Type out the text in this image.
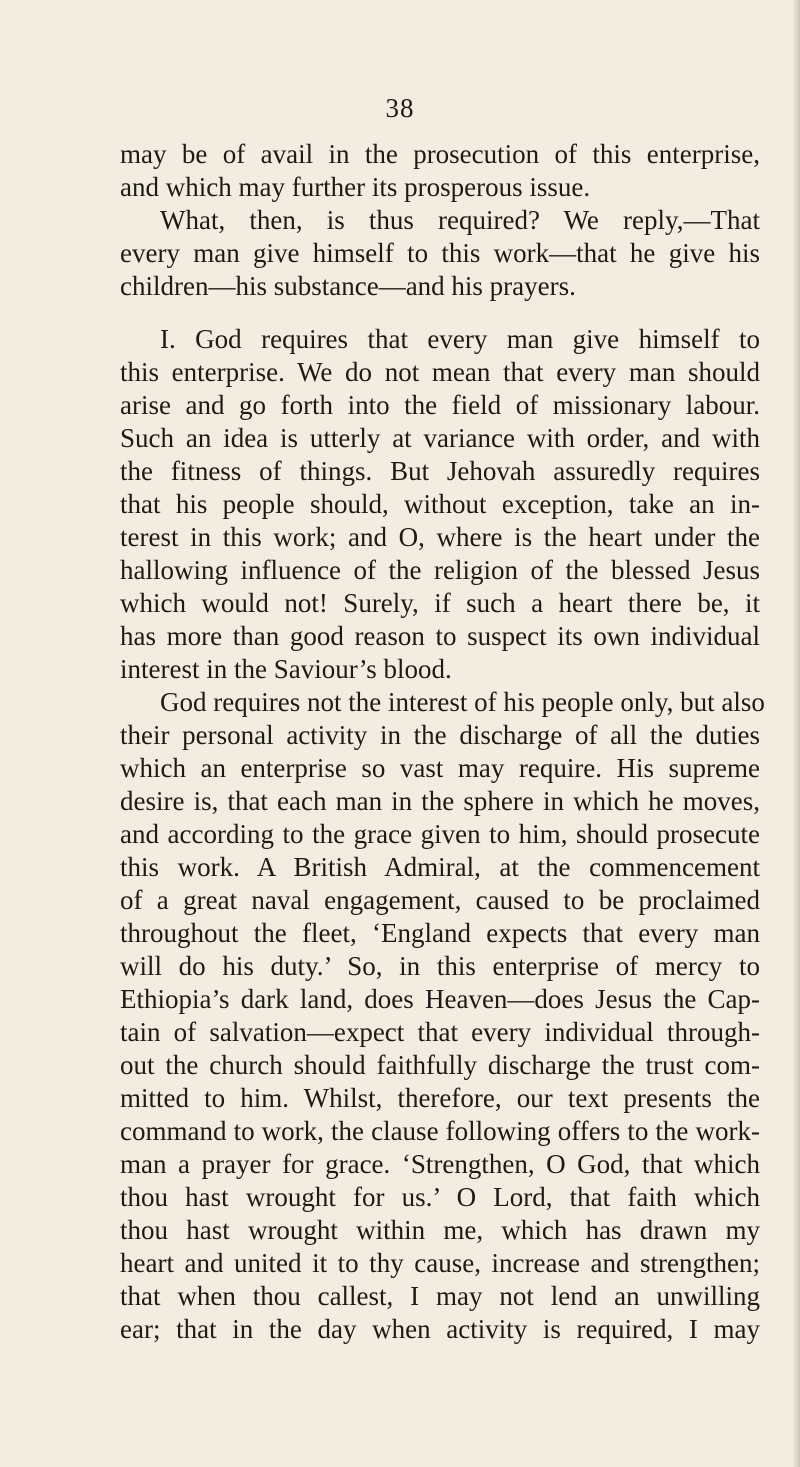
38
may be of avail in the prosecution of this enterprise,
and which may further its prosperous issue.
What, then, is thus required? We reply,—That
every man give himself to this work—that he give his
children—his substance—and his prayers.
I. God requires that every man give himself to
this enterprise. We do not mean that every man should
arise and go forth into the field of missionary labour.
Such an idea is utterly at variance with order, and with
the fitness of things. But Jehovah assuredly requires
that his people should, without exception, take an in-
terest in this work; and O, where is the heart under the
hallowing influence of the religion of the blessed Jesus
which would not! Surely, if such a heart there be, it
has more than good reason to suspect its own individual
interest in the Saviour’s blood.
God requires not the interest of his people only, but also
their personal activity in the discharge of all the duties
which an enterprise so vast may require. His supreme
desire is, that each man in the sphere in which he moves,
and according to the grace given to him, should prosecute
this work. A British Admiral, at the commencement
of a great naval engagement, caused to be proclaimed
throughout the fleet, ‘England expects that every man
will do his duty.’ So, in this enterprise of mercy to
Ethiopia’s dark land, does Heaven—does Jesus the Cap-
tain of salvation—expect that every individual through-
out the church should faithfully discharge the trust com-
mitted to him. Whilst, therefore, our text presents the
command to work, the clause following offers to the work-
man a prayer for grace. ‘Strengthen, O God, that which
thou hast wrought for us.’ O Lord, that faith which
thou hast wrought within me, which has drawn my
heart and united it to thy cause, increase and strengthen;
that when thou callest, I may not lend an unwilling
ear; that in the day when activity is required, I may
